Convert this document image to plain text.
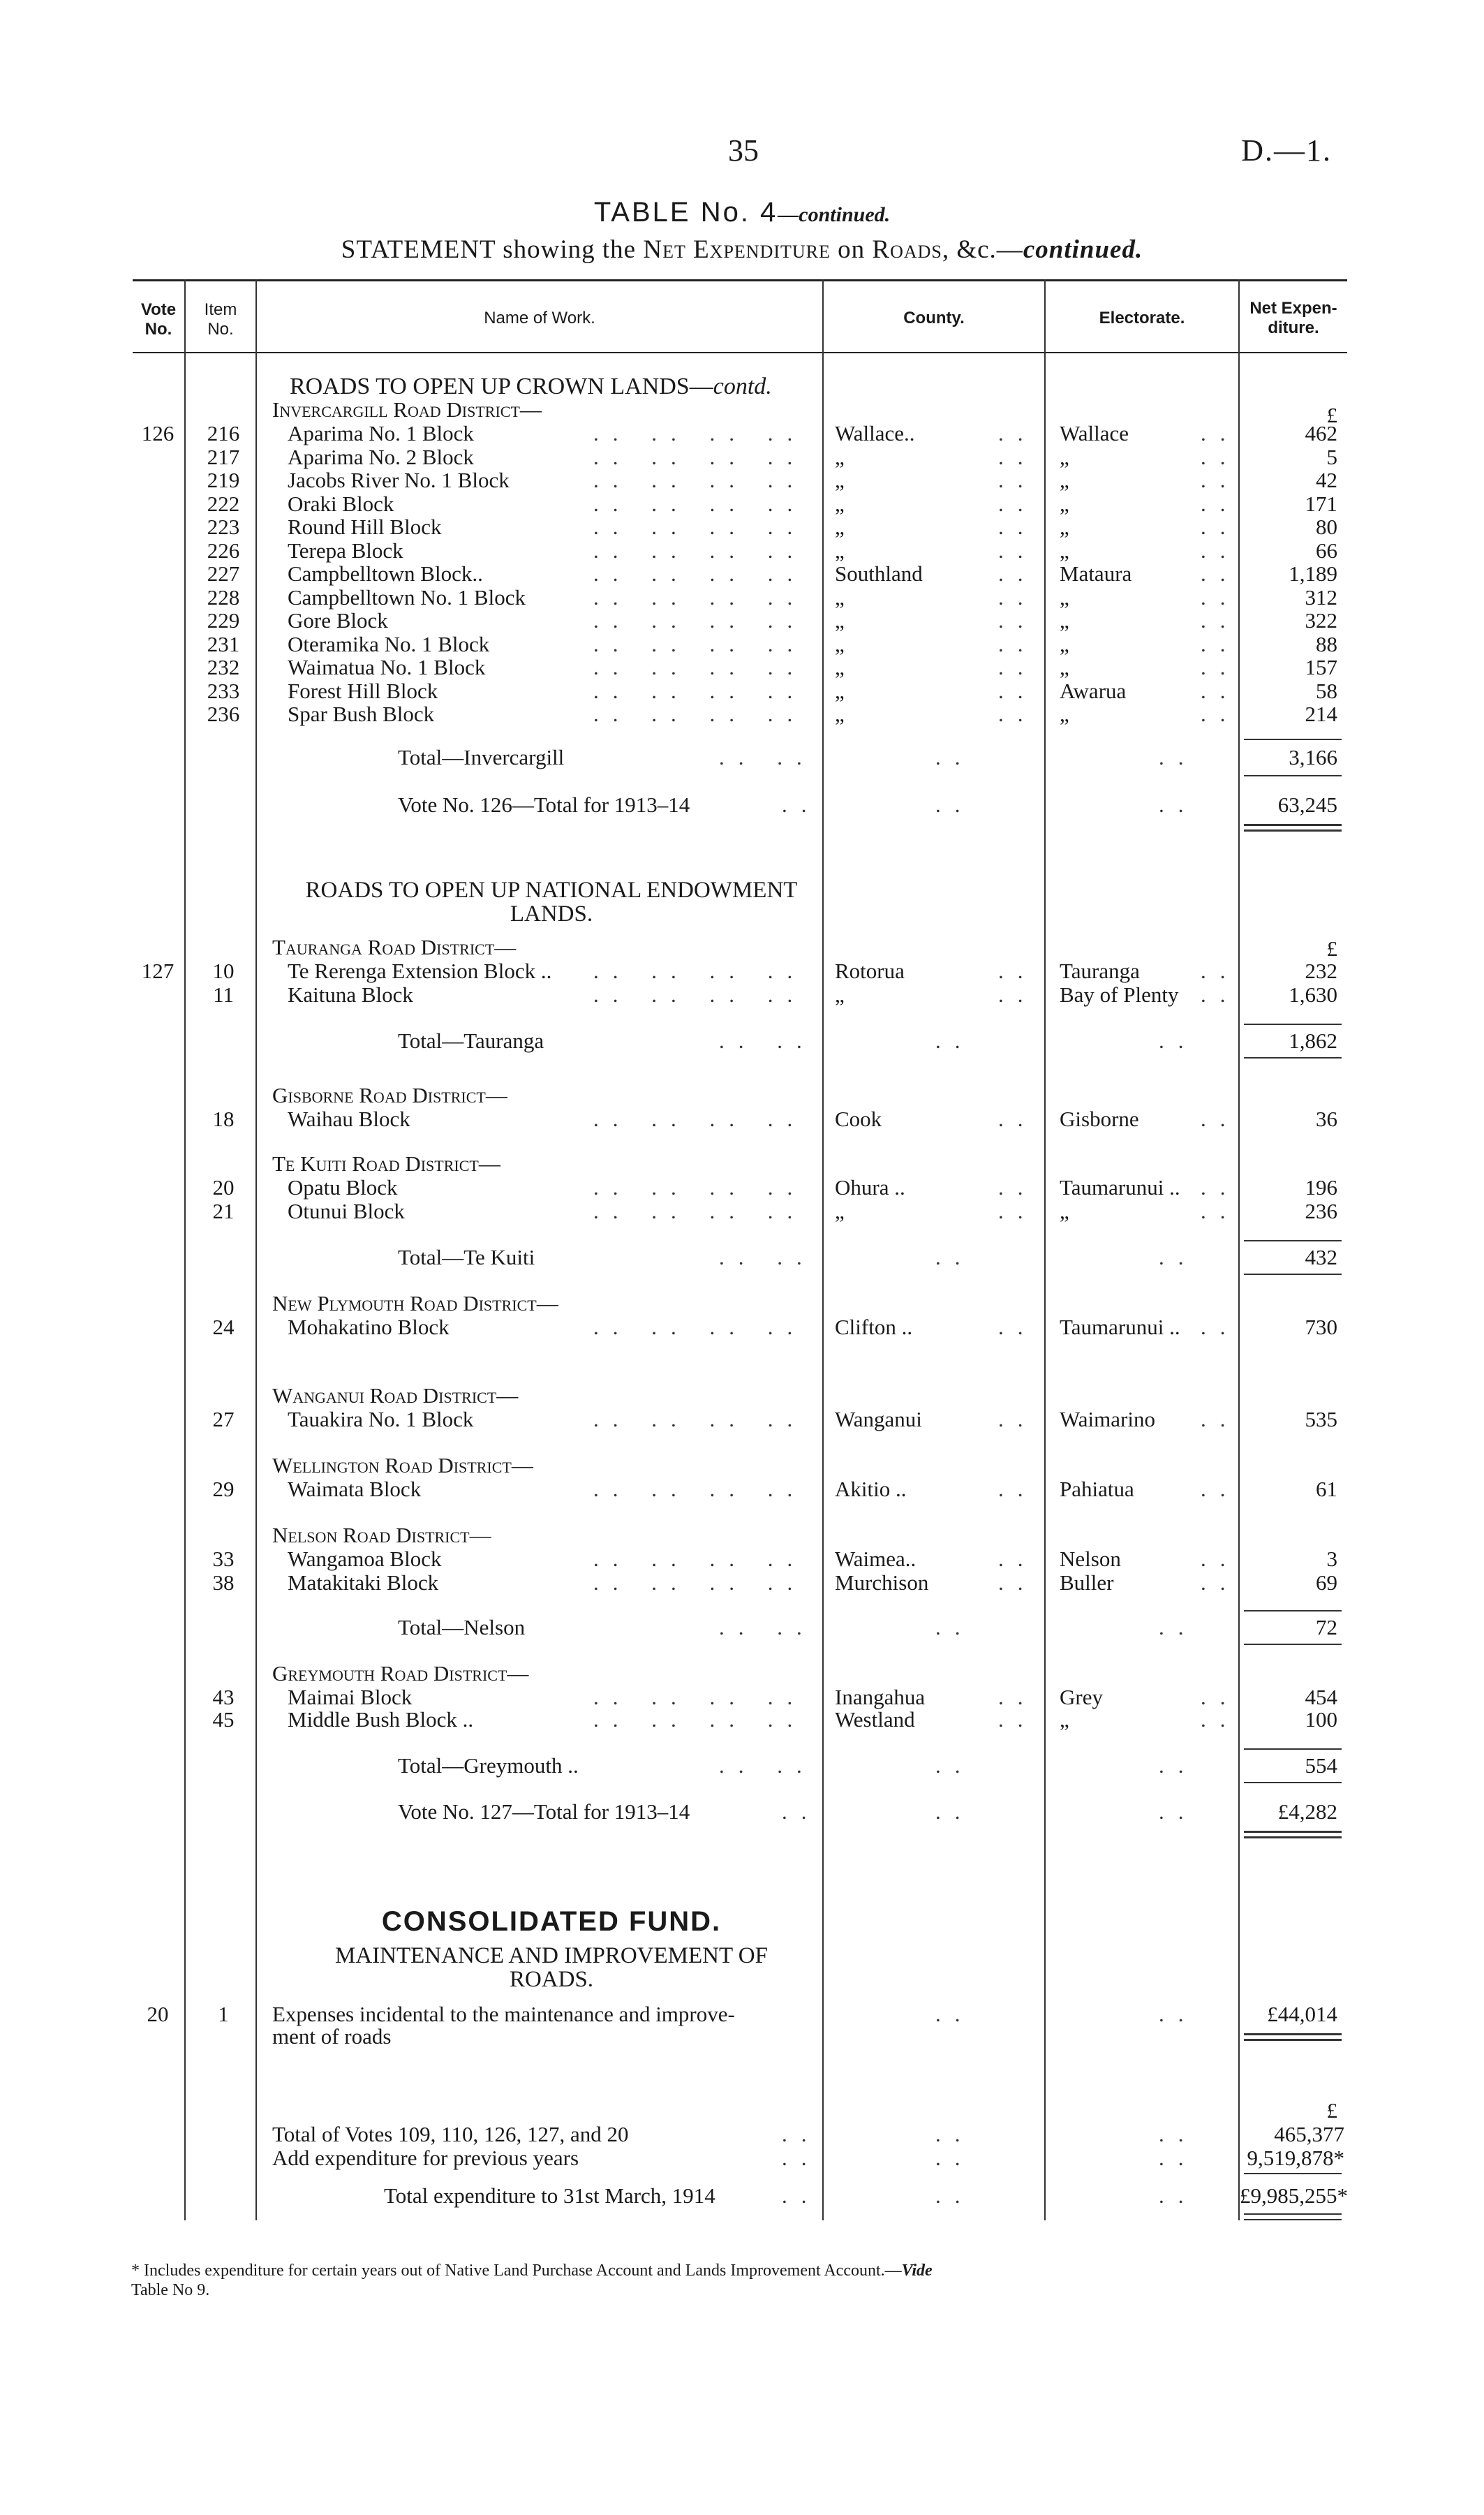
35	D.—1.
TABLE No. 4—continued.
STATEMENT showing the Net Expenditure on Roads, &c.—continued.
Vote
No.
Item
No.
Name of Work.	County.	Electorate.
Net Expen-
diture.
ROADS TO OPEN UP CROWN LANDS—contd.
Invercargill Road District—	£
126	216	Aparima No. 1 Block	.. .. .. .. Wallace..	.. Wallace	..	462
217	Aparima No. 2 Block	.. .. .. .. „	.. „	..	5
219	Jacobs River No. 1 Block	.. .. .. .. „	.. „	..	42
222	Oraki Block	.. .. .. .. „	.. „	..	171
223	Round Hill Block	.. .. .. .. „	.. „	..	80
226	Terepa Block	.. .. .. .. „	.. „	..	66
227	Campbelltown Block..	.. .. .. .. Southland	.. Mataura	..	1,189
228	Campbelltown No. 1 Block	.. .. .. .. „	.. „	..	312
229	Gore Block	.. .. .. .. „	.. „	..	322
231	Oteramika No. 1 Block	.. .. .. .. „	.. „	..	88
232	Waimatua No. 1 Block	.. .. .. .. „	.. „	..	157
233	Forest Hill Block	.. .. .. .. „	.. Awarua	..	58
236	Spar Bush Block	.. .. .. .. „	.. „	..	214
Total—Invercargill	.. ..	..	..	3,166
Vote No. 126—Total for 1913–14	..	..	..	63,245
ROADS TO OPEN UP NATIONAL ENDOWMENT
LANDS.
Tauranga Road District—	£
127	10	Te Rerenga Extension Block .. .. .. .. .. Rotorua	.. Tauranga	..	232
11	Kaituna Block	.. .. .. .. „	.. Bay of Plenty ..	1,630
Total—Tauranga	.. ..	..	..	1,862
Gisborne Road District—
18	Waihau Block	.. .. .. .. Cook	.. Gisborne	..	36
Te Kuiti Road District—
20	Opatu Block	.. .. .. .. Ohura ..	.. Taumarunui .. ..	196
21	Otunui Block	.. .. .. .. „	.. „	..	236
Total—Te Kuiti	.. ..	..	..	432
New Plymouth Road District—
24	Mohakatino Block	.. .. .. .. Clifton ..	.. Taumarunui .. ..	730
Wanganui Road District—
27	Tauakira No. 1 Block	.. .. .. .. Wanganui	.. Waimarino ..	535
Wellington Road District—
29	Waimata Block	.. .. .. .. Akitio ..	.. Pahiatua	..	61
Nelson Road District—
33	Wangamoa Block	.. .. .. .. Waimea..	.. Nelson	..	3
38	Matakitaki Block	.. .. .. .. Murchison	.. Buller	..	69
Total—Nelson	.. ..	..	..	72
Greymouth Road District—
43	Maimai Block	.. .. .. .. Inangahua	.. Grey	..	454
45	Middle Bush Block ..	.. .. .. .. Westland	.. „	..	100
Total—Greymouth ..	.. ..	..	..	554
Vote No. 127—Total for 1913–14	..	..	..	£4,282
CONSOLIDATED FUND.
MAINTENANCE AND IMPROVEMENT OF
ROADS.
20	1	Expenses incidental to the maintenance and improve-	..	..	£44,014
ment of roads
£
Total of Votes 109, 110, 126, 127, and 20	..	..	..	465,377
Add expenditure for previous years	..	..	..	9,519,878*
Total expenditure to 31st March, 1914	..	..	.. £9,985,255*
* Includes expenditure for certain years out of Native Land Purchase Account and Lands Improvement Account.—Vide
Table No 9.
